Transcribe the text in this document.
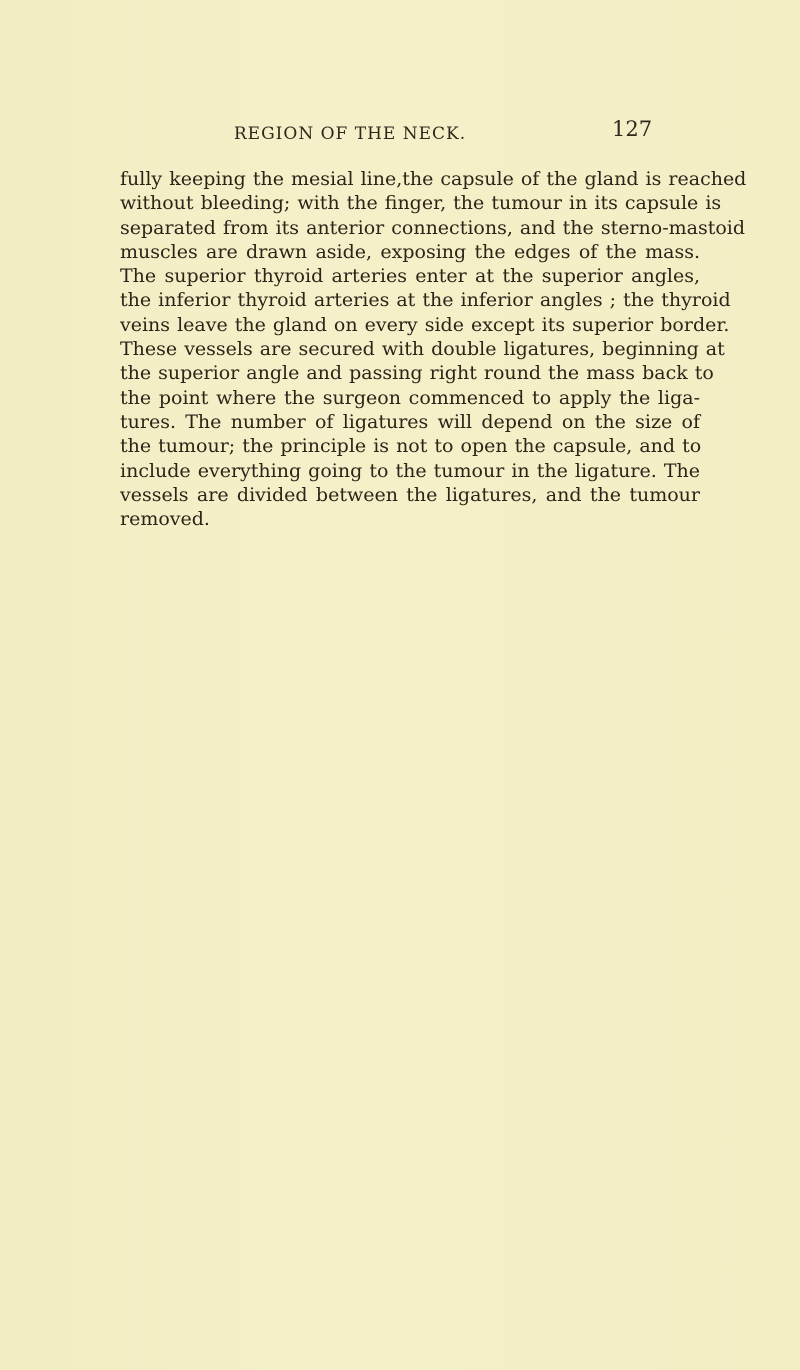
REGION OF THE NECK.	127

fully keeping the mesial line,the capsule of the gland is reached
without bleeding; with the finger, the tumour in its capsule is
separated from its anterior connections, and the sterno-mastoid
muscles are drawn aside, exposing the edges of the mass.
The superior thyroid arteries enter at the superior angles,
the inferior thyroid arteries at the inferior angles ; the thyroid
veins leave the gland on every side except its superior border.
These vessels are secured with double ligatures, beginning at
the superior angle and passing right round the mass back to
the point where the surgeon commenced to apply the liga-
tures. The number of ligatures will depend on the size of
the tumour; the principle is not to open the capsule, and to
include everything going to the tumour in the ligature. The
vessels are divided between the ligatures, and the tumour
removed.
